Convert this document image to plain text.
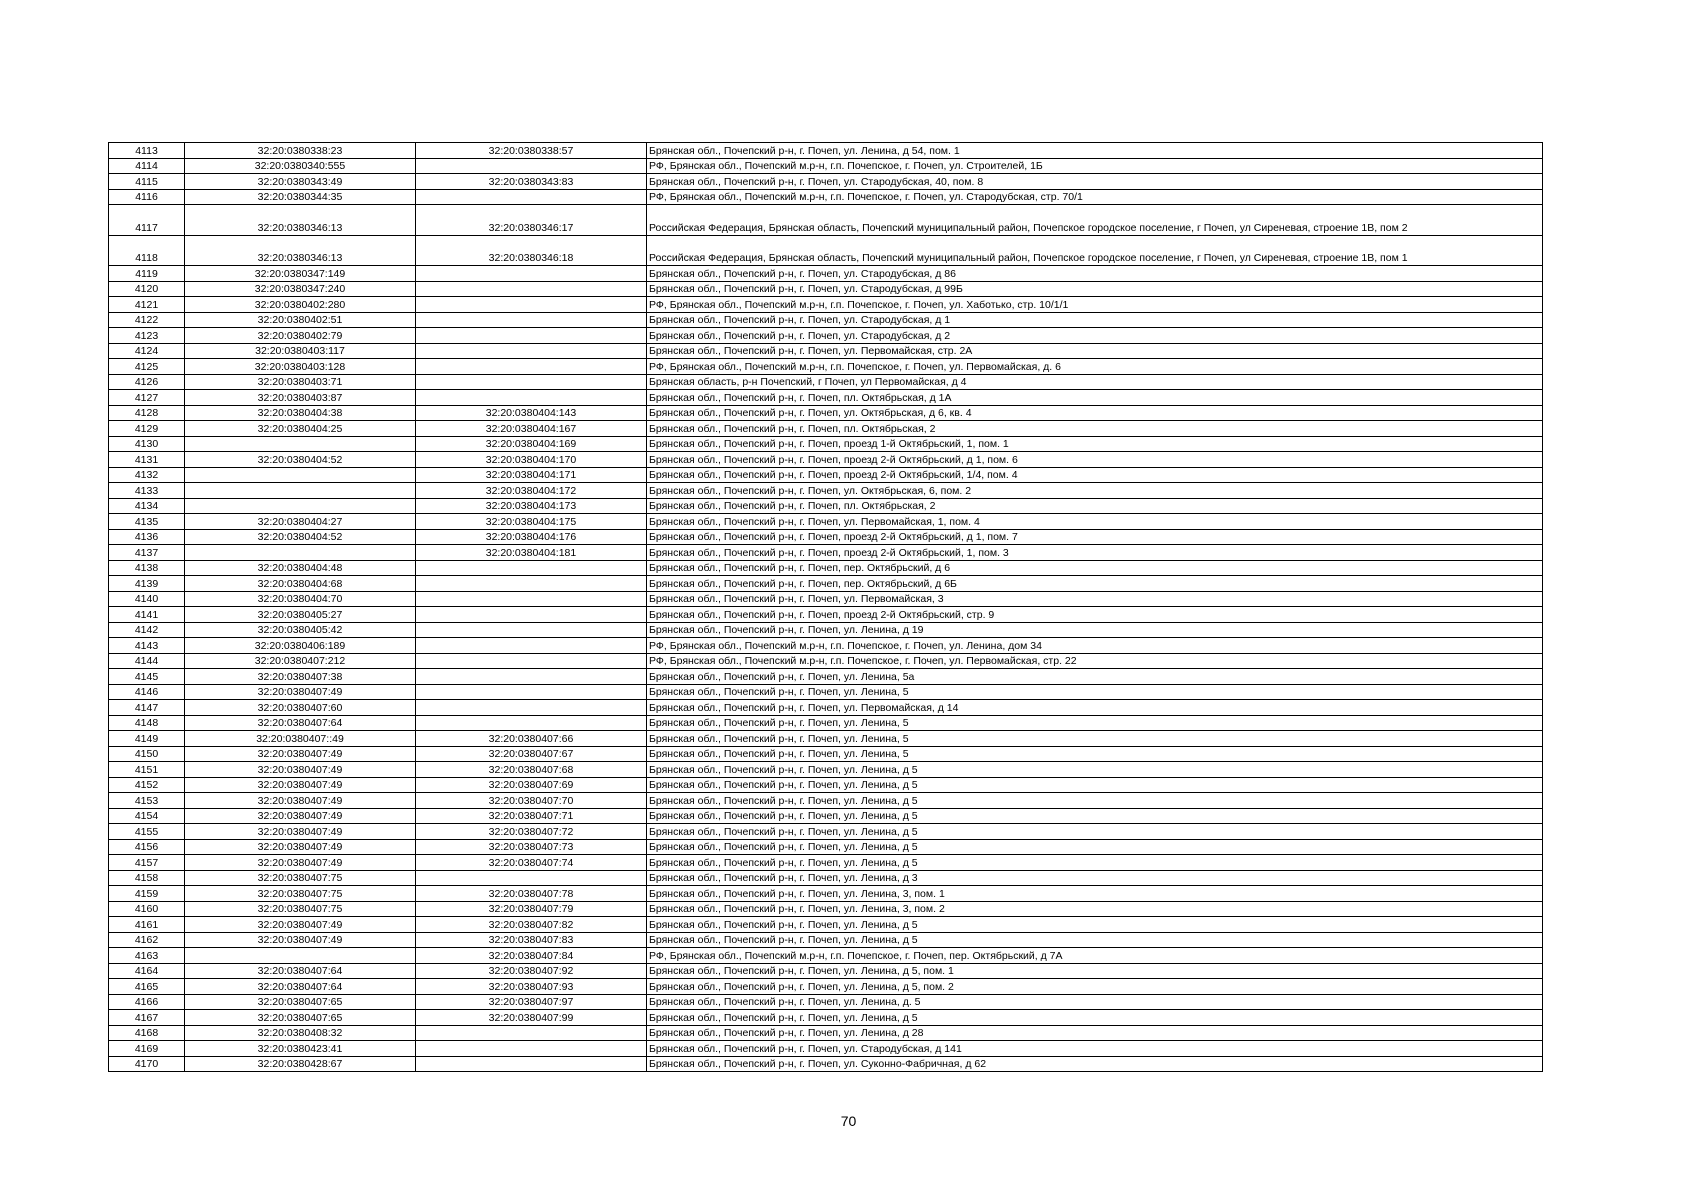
4113	32:20:0380338:23	32:20:0380338:57	Брянская обл., Почепский р-н, г. Почеп, ул. Ленина, д 54, пом. 1
4114	32:20:0380340:555		РФ, Брянская обл., Почепский м.р-н, г.п. Почепское, г. Почеп, ул. Строителей, 1Б
4115	32:20:0380343:49	32:20:0380343:83	Брянская обл., Почепский р-н, г. Почеп, ул. Стародубская, 40, пом. 8
4116	32:20:0380344:35		РФ, Брянская обл., Почепский м.р-н, г.п. Почепское, г. Почеп, ул. Стародубская, стр. 70/1
4117	32:20:0380346:13	32:20:0380346:17	Российская Федерация, Брянская область, Почепский муниципальный район, Почепское городское поселение, г Почеп, ул Сиреневая, строение 1В, пом 2
4118	32:20:0380346:13	32:20:0380346:18	Российская Федерация, Брянская область, Почепский муниципальный район, Почепское городское поселение, г Почеп, ул Сиреневая, строение 1В, пом 1
4119	32:20:0380347:149		Брянская обл., Почепский р-н, г. Почеп, ул. Стародубская, д 86
4120	32:20:0380347:240		Брянская обл., Почепский р-н, г. Почеп, ул. Стародубская, д 99Б
4121	32:20:0380402:280		РФ, Брянская обл., Почепский м.р-н, г.п. Почепское, г. Почеп, ул. Хаботько, стр. 10/1/1
4122	32:20:0380402:51		Брянская обл., Почепский р-н, г. Почеп, ул. Стародубская, д 1
4123	32:20:0380402:79		Брянская обл., Почепский р-н, г. Почеп, ул. Стародубская, д 2
4124	32:20:0380403:117		Брянская обл., Почепский р-н, г. Почеп, ул. Первомайская, стр. 2А
4125	32:20:0380403:128		РФ, Брянская обл., Почепский м.р-н, г.п. Почепское, г. Почеп, ул. Первомайская, д. 6
4126	32:20:0380403:71		Брянская область, р-н Почепский, г Почеп, ул Первомайская, д 4
4127	32:20:0380403:87		Брянская обл., Почепский р-н, г. Почеп, пл. Октябрьская, д 1А
4128	32:20:0380404:38	32:20:0380404:143	Брянская обл., Почепский р-н, г. Почеп, ул. Октябрьская, д 6, кв. 4
4129	32:20:0380404:25	32:20:0380404:167	Брянская обл., Почепский р-н, г. Почеп, пл. Октябрьская, 2
4130		32:20:0380404:169	Брянская обл., Почепский р-н, г. Почеп, проезд 1-й Октябрьский, 1, пом. 1
4131	32:20:0380404:52	32:20:0380404:170	Брянская обл., Почепский р-н, г. Почеп, проезд 2-й Октябрьский, д 1, пом. 6
4132		32:20:0380404:171	Брянская обл., Почепский р-н, г. Почеп, проезд 2-й Октябрьский, 1/4, пом. 4
4133		32:20:0380404:172	Брянская обл., Почепский р-н, г. Почеп, ул. Октябрьская, 6, пом. 2
4134		32:20:0380404:173	Брянская обл., Почепский р-н, г. Почеп, пл. Октябрьская, 2
4135	32:20:0380404:27	32:20:0380404:175	Брянская обл., Почепский р-н, г. Почеп, ул. Первомайская, 1, пом. 4
4136	32:20:0380404:52	32:20:0380404:176	Брянская обл., Почепский р-н, г. Почеп, проезд 2-й Октябрьский, д 1, пом. 7
4137		32:20:0380404:181	Брянская обл., Почепский р-н, г. Почеп, проезд 2-й Октябрьский, 1, пом. 3
4138	32:20:0380404:48		Брянская обл., Почепский р-н, г. Почеп, пер. Октябрьский, д 6
4139	32:20:0380404:68		Брянская обл., Почепский р-н, г. Почеп, пер. Октябрьский, д 6Б
4140	32:20:0380404:70		Брянская обл., Почепский р-н, г. Почеп, ул. Первомайская, 3
4141	32:20:0380405:27		Брянская обл., Почепский р-н, г. Почеп, проезд 2-й Октябрьский, стр. 9
4142	32:20:0380405:42		Брянская обл., Почепский р-н, г. Почеп, ул. Ленина, д 19
4143	32:20:0380406:189		РФ, Брянская обл., Почепский м.р-н, г.п. Почепское, г. Почеп, ул. Ленина, дом 34
4144	32:20:0380407:212		РФ, Брянская обл., Почепский м.р-н, г.п. Почепское, г. Почеп, ул. Первомайская, стр. 22
4145	32:20:0380407:38		Брянская обл., Почепский р-н, г. Почеп, ул. Ленина, 5а
4146	32:20:0380407:49		Брянская обл., Почепский р-н, г. Почеп, ул. Ленина, 5
4147	32:20:0380407:60		Брянская обл., Почепский р-н, г. Почеп, ул. Первомайская, д 14
4148	32:20:0380407:64		Брянская обл., Почепский р-н, г. Почеп, ул. Ленина, 5
4149	32:20:0380407::49	32:20:0380407:66	Брянская обл., Почепский р-н, г. Почеп, ул. Ленина, 5
4150	32:20:0380407:49	32:20:0380407:67	Брянская обл., Почепский р-н, г. Почеп, ул. Ленина, 5
4151	32:20:0380407:49	32:20:0380407:68	Брянская обл., Почепский р-н, г. Почеп, ул. Ленина, д 5
4152	32:20:0380407:49	32:20:0380407:69	Брянская обл., Почепский р-н, г. Почеп, ул. Ленина, д 5
4153	32:20:0380407:49	32:20:0380407:70	Брянская обл., Почепский р-н, г. Почеп, ул. Ленина, д 5
4154	32:20:0380407:49	32:20:0380407:71	Брянская обл., Почепский р-н, г. Почеп, ул. Ленина, д 5
4155	32:20:0380407:49	32:20:0380407:72	Брянская обл., Почепский р-н, г. Почеп, ул. Ленина, д 5
4156	32:20:0380407:49	32:20:0380407:73	Брянская обл., Почепский р-н, г. Почеп, ул. Ленина, д 5
4157	32:20:0380407:49	32:20:0380407:74	Брянская обл., Почепский р-н, г. Почеп, ул. Ленина, д 5
4158	32:20:0380407:75		Брянская обл., Почепский р-н, г. Почеп, ул. Ленина, д 3
4159	32:20:0380407:75	32:20:0380407:78	Брянская обл., Почепский р-н, г. Почеп, ул. Ленина, 3, пом. 1
4160	32:20:0380407:75	32:20:0380407:79	Брянская обл., Почепский р-н, г. Почеп, ул. Ленина, 3, пом. 2
4161	32:20:0380407:49	32:20:0380407:82	Брянская обл., Почепский р-н, г. Почеп, ул. Ленина, д 5
4162	32:20:0380407:49	32:20:0380407:83	Брянская обл., Почепский р-н, г. Почеп, ул. Ленина, д 5
4163		32:20:0380407:84	РФ, Брянская обл., Почепский м.р-н, г.п. Почепское, г. Почеп, пер. Октябрьский, д 7А
4164	32:20:0380407:64	32:20:0380407:92	Брянская обл., Почепский р-н, г. Почеп, ул. Ленина, д 5, пом. 1
4165	32:20:0380407:64	32:20:0380407:93	Брянская обл., Почепский р-н, г. Почеп, ул. Ленина, д 5, пом. 2
4166	32:20:0380407:65	32:20:0380407:97	Брянская обл., Почепский р-н, г. Почеп, ул. Ленина, д. 5
4167	32:20:0380407:65	32:20:0380407:99	Брянская обл., Почепский р-н, г. Почеп, ул. Ленина, д 5
4168	32:20:0380408:32		Брянская обл., Почепский р-н, г. Почеп, ул. Ленина, д 28
4169	32:20:0380423:41		Брянская обл., Почепский р-н, г. Почеп, ул. Стародубская, д 141
4170	32:20:0380428:67		Брянская обл., Почепский р-н, г. Почеп, ул. Суконно-Фабричная, д 62
70
